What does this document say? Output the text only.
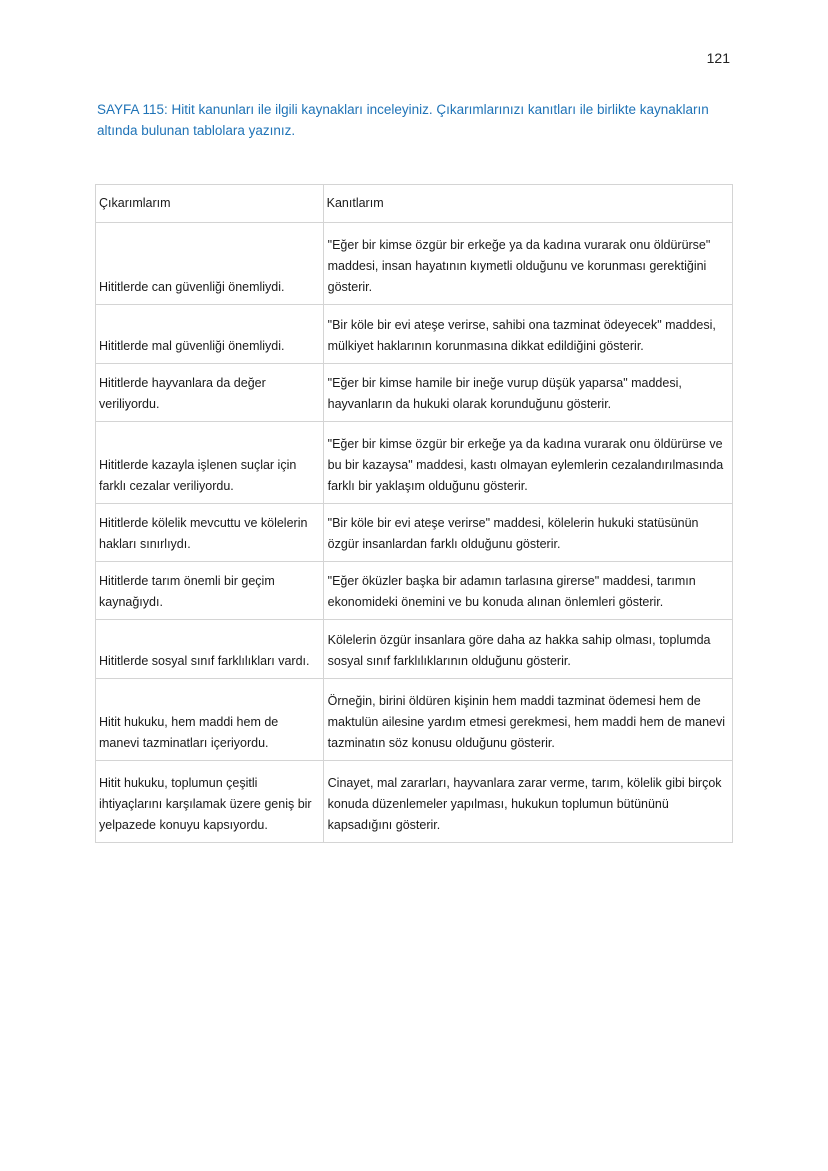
121
SAYFA 115: Hitit kanunları ile ilgili kaynakları inceleyiniz. Çıkarımlarınızı kanıtları ile birlikte kaynakların altında bulunan tablolara yazınız.
Çıkarımlarım	Kanıtlarım
Hititlerde can güvenliği önemliydi.	"Eğer bir kimse özgür bir erkeğe ya da kadına vurarak onu öldürürse" maddesi, insan hayatının kıymetli olduğunu ve korunması gerektiğini gösterir.
Hititlerde mal güvenliği önemliydi.	"Bir köle bir evi ateşe verirse, sahibi ona tazminat ödeyecek" maddesi, mülkiyet haklarının korunmasına dikkat edildiğini gösterir.
Hititlerde hayvanlara da değer veriliyordu.	"Eğer bir kimse hamile bir ineğe vurup düşük yaparsa" maddesi, hayvanların da hukuki olarak korunduğunu gösterir.
Hititlerde kazayla işlenen suçlar için farklı cezalar veriliyordu.	"Eğer bir kimse özgür bir erkeğe ya da kadına vurarak onu öldürürse ve bu bir kazaysa" maddesi, kastı olmayan eylemlerin cezalandırılmasında farklı bir yaklaşım olduğunu gösterir.
Hititlerde kölelik mevcuttu ve kölelerin hakları sınırlıydı.	"Bir köle bir evi ateşe verirse" maddesi, kölelerin hukuki statüsünün özgür insanlardan farklı olduğunu gösterir.
Hititlerde tarım önemli bir geçim kaynağıydı.	"Eğer öküzler başka bir adamın tarlasına girerse" maddesi, tarımın ekonomideki önemini ve bu konuda alınan önlemleri gösterir.
Hititlerde sosyal sınıf farklılıkları vardı.	Kölelerin özgür insanlara göre daha az hakka sahip olması, toplumda sosyal sınıf farklılıklarının olduğunu gösterir.
Hitit hukuku, hem maddi hem de manevi tazminatları içeriyordu.	Örneğin, birini öldüren kişinin hem maddi tazminat ödemesi hem de maktulün ailesine yardım etmesi gerekmesi, hem maddi hem de manevi tazminatın söz konusu olduğunu gösterir.
Hitit hukuku, toplumun çeşitli ihtiyaçlarını karşılamak üzere geniş bir yelpazede konuyu kapsıyordu.	Cinayet, mal zararları, hayvanlara zarar verme, tarım, kölelik gibi birçok konuda düzenlemeler yapılması, hukukun toplumun bütününü kapsadığını gösterir.
